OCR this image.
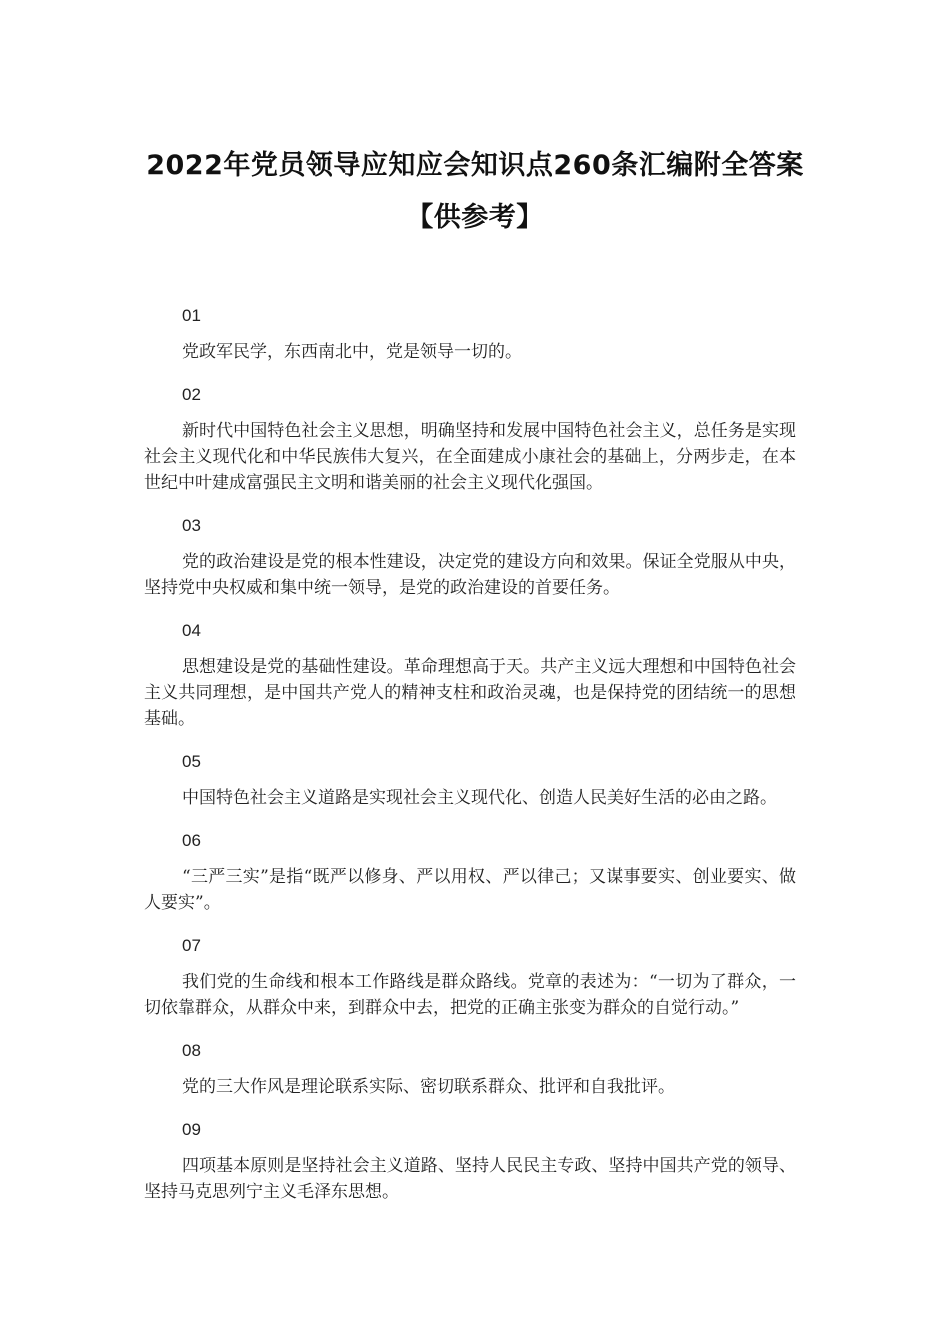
2022年党员领导应知应会知识点260条汇编附全答案【供参考】

01

党政军民学，东西南北中，党是领导一切的。

02

新时代中国特色社会主义思想，明确坚持和发展中国特色社会主义，总任务是实现社会主义现代化和中华民族伟大复兴，在全面建成小康社会的基础上，分两步走，在本世纪中叶建成富强民主文明和谐美丽的社会主义现代化强国。

03

党的政治建设是党的根本性建设，决定党的建设方向和效果。保证全党服从中央，坚持党中央权威和集中统一领导，是党的政治建设的首要任务。

04

思想建设是党的基础性建设。革命理想高于天。共产主义远大理想和中国特色社会主义共同理想，是中国共产党人的精神支柱和政治灵魂，也是保持党的团结统一的思想基础。

05

中国特色社会主义道路是实现社会主义现代化、创造人民美好生活的必由之路。

06

“三严三实”是指“既严以修身、严以用权、严以律己；又谋事要实、创业要实、做人要实”。

07

我们党的生命线和根本工作路线是群众路线。党章的表述为：“一切为了群众，一切依靠群众，从群众中来，到群众中去，把党的正确主张变为群众的自觉行动。”

08

党的三大作风是理论联系实际、密切联系群众、批评和自我批评。

09

四项基本原则是坚持社会主义道路、坚持人民民主专政、坚持中国共产党的领导、坚持马克思列宁主义毛泽东思想。
